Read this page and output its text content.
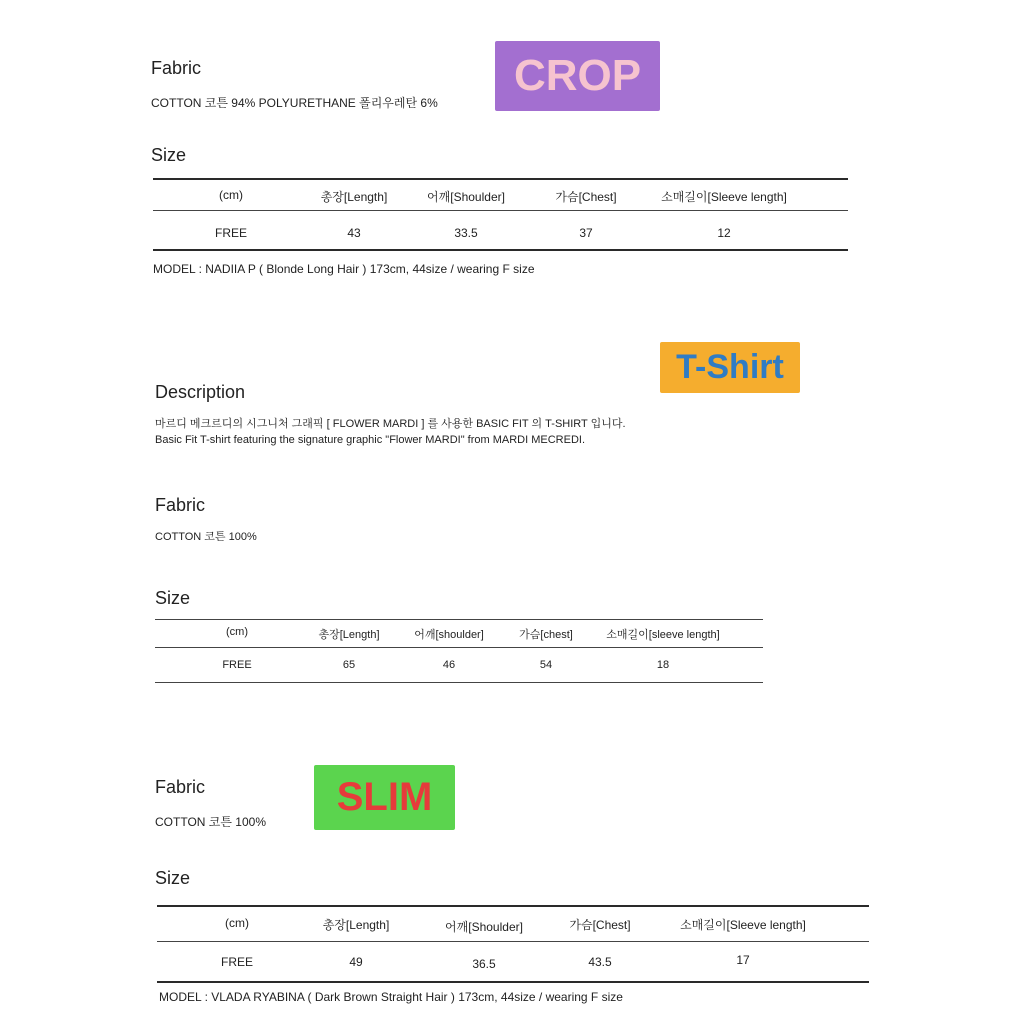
Fabric
COTTON 코튼 94% POLYURETHANE 폴리우레탄 6%
CROP
Size
(cm)	총장[Length]	어깨[Shoulder]	가슴[Chest]	소매길이[Sleeve length]
FREE	43	33.5	37	12
MODEL : NADIIA P ( Blonde Long Hair ) 173cm, 44size / wearing F size
T-Shirt
Description
마르디 메크르디의 시그니처 그래픽 [ FLOWER MARDI ] 를 사용한 BASIC FIT 의 T-SHIRT 입니다.
Basic Fit T-shirt featuring the signature graphic "Flower MARDI" from MARDI MECREDI.
Fabric
COTTON 코튼 100%
Size
(cm)	총장[Length]	어깨[shoulder]	가슴[chest]	소매길이[sleeve length]
FREE	65	46	54	18
Fabric
COTTON 코튼 100%
SLIM
Size
(cm)	총장[Length]	어깨[Shoulder]	가슴[Chest]	소매길이[Sleeve length]
FREE	49	36.5	43.5	17
MODEL : VLADA RYABINA ( Dark Brown Straight Hair ) 173cm, 44size / wearing F size
